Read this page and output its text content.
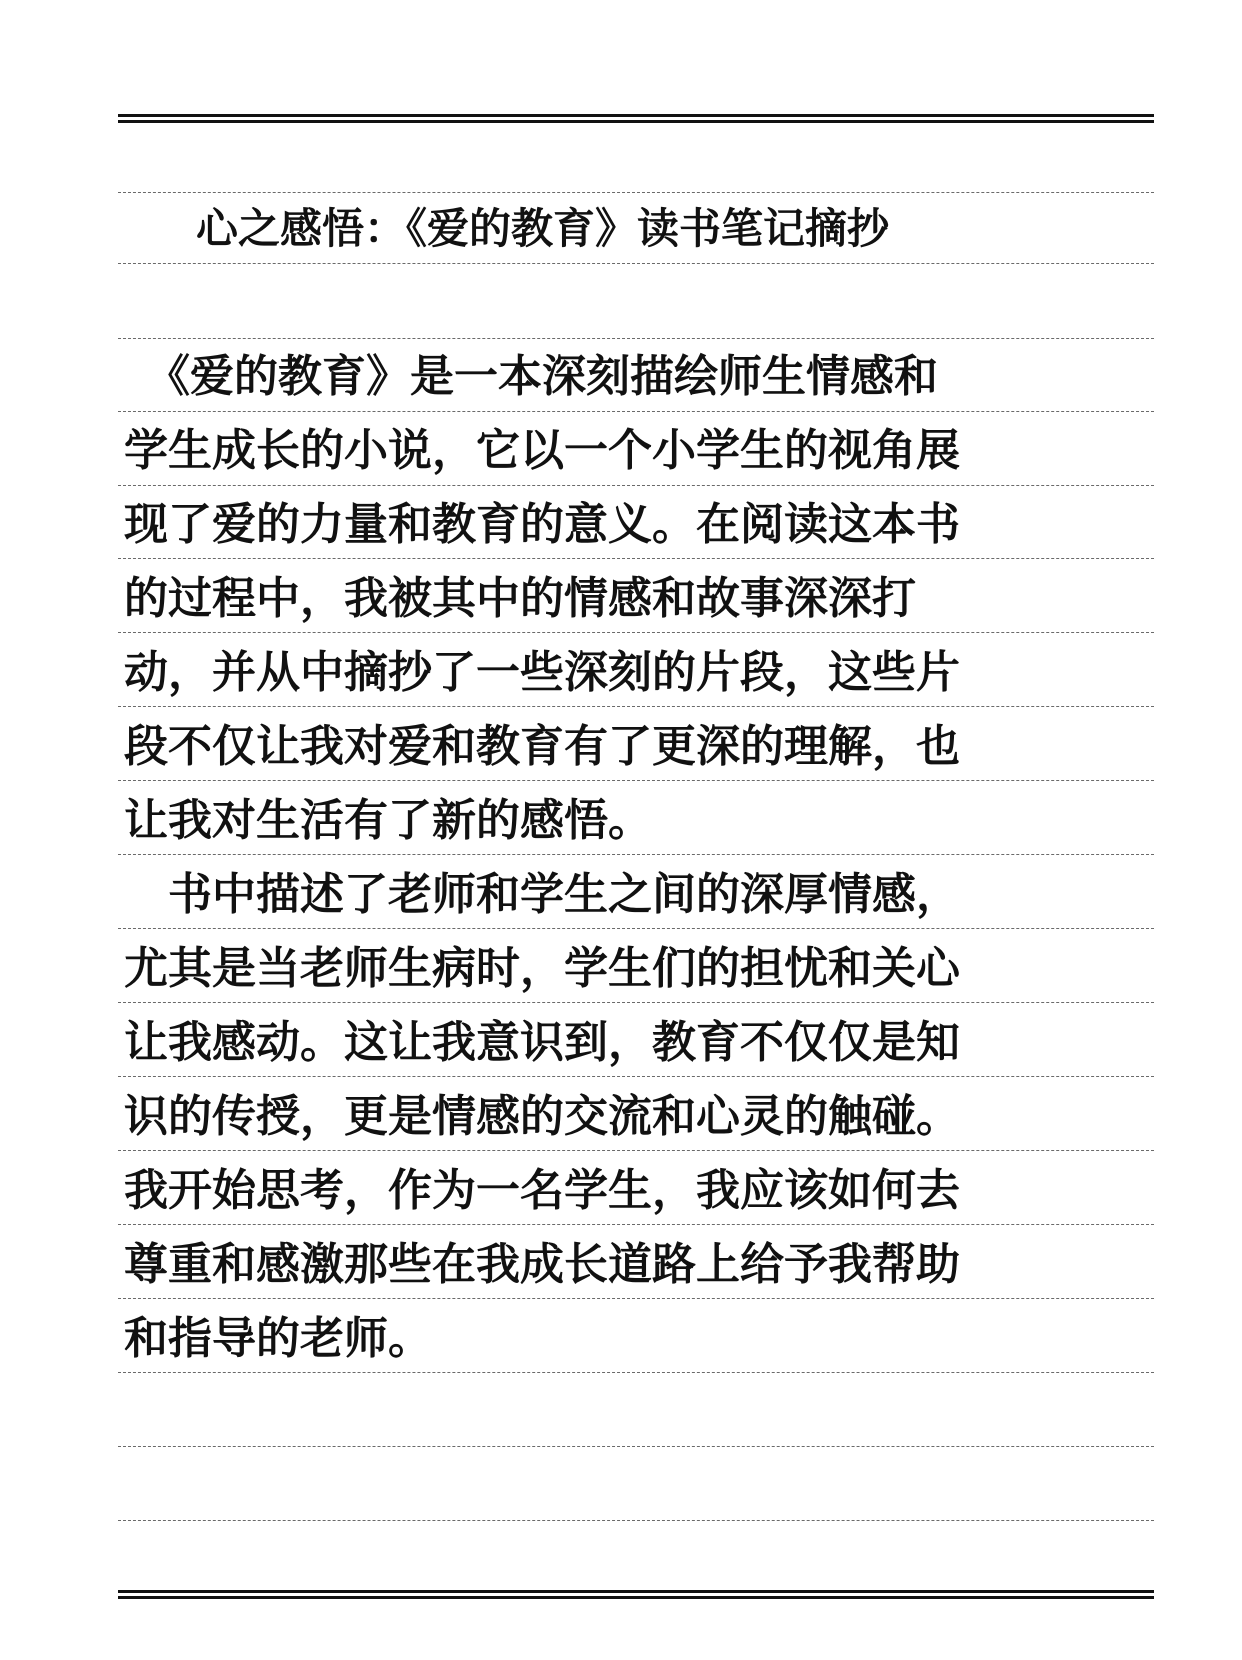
心之感悟：《爱的教育》读书笔记摘抄
　《爱的教育》是一本深刻描绘师生情感和
学生成长的小说，它以一个小学生的视角展
现了爱的力量和教育的意义。在阅读这本书
的过程中，我被其中的情感和故事深深打
动，并从中摘抄了一些深刻的片段，这些片
段不仅让我对爱和教育有了更深的理解，也
让我对生活有了新的感悟。
　书中描述了老师和学生之间的深厚情感，
尤其是当老师生病时，学生们的担忧和关心
让我感动。这让我意识到，教育不仅仅是知
识的传授，更是情感的交流和心灵的触碰。
我开始思考，作为一名学生，我应该如何去
尊重和感激那些在我成长道路上给予我帮助
和指导的老师。
